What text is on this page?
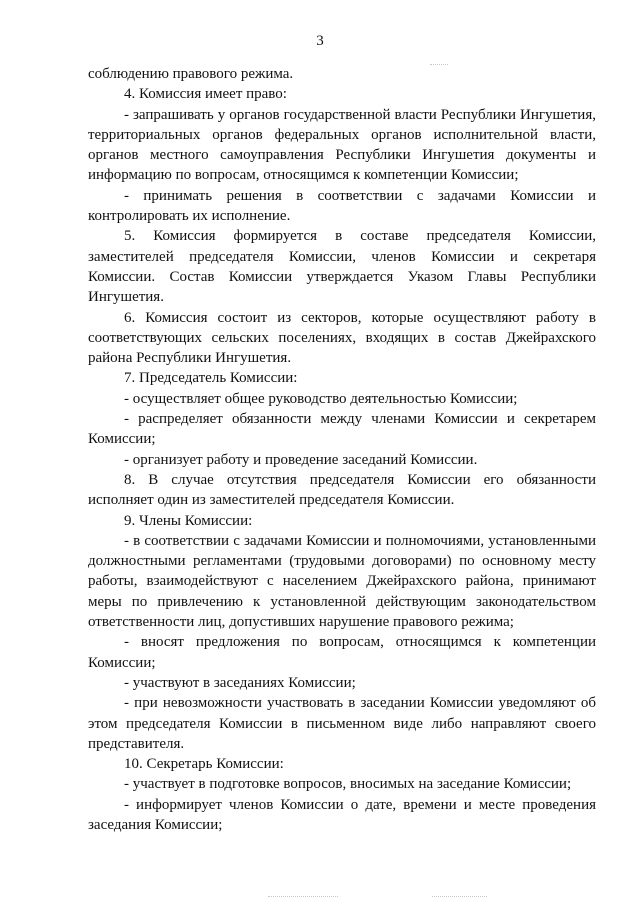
3

соблюдению правового режима.

4. Комиссия имеет право:

- запрашивать у органов государственной власти Республики Ингушетия, территориальных органов федеральных органов исполнительной власти, органов местного самоуправления Республики Ингушетия документы и информацию по вопросам, относящимся к компетенции Комиссии;

- принимать решения в соответствии с задачами Комиссии и контролировать их исполнение.

5. Комиссия формируется в составе председателя Комиссии, заместителей председателя Комиссии, членов Комиссии и секретаря Комиссии. Состав Комиссии утверждается Указом Главы Республики Ингушетия.

6. Комиссия состоит из секторов, которые осуществляют работу в соответствующих сельских поселениях, входящих в состав Джейрахского района Республики Ингушетия.

7. Председатель Комиссии:

- осуществляет общее руководство деятельностью Комиссии;

- распределяет обязанности между членами Комиссии и секретарем Комиссии;

- организует работу и проведение заседаний Комиссии.

8. В случае отсутствия председателя Комиссии его обязанности исполняет один из заместителей председателя Комиссии.

9. Члены Комиссии:

- в соответствии с задачами Комиссии и полномочиями, установленными должностными регламентами (трудовыми договорами) по основному месту работы, взаимодействуют с населением Джейрахского района, принимают меры по привлечению к установленной действующим законодательством ответственности лиц, допустивших нарушение правового режима;

- вносят предложения по вопросам, относящимся к компетенции Комиссии;

- участвуют в заседаниях Комиссии;

- при невозможности участвовать в заседании Комиссии уведомляют об этом председателя Комиссии в письменном виде либо направляют своего представителя.

10. Секретарь Комиссии:

- участвует в подготовке вопросов, вносимых на заседание Комиссии;

- информирует членов Комиссии о дате, времени и месте проведения заседания Комиссии;
